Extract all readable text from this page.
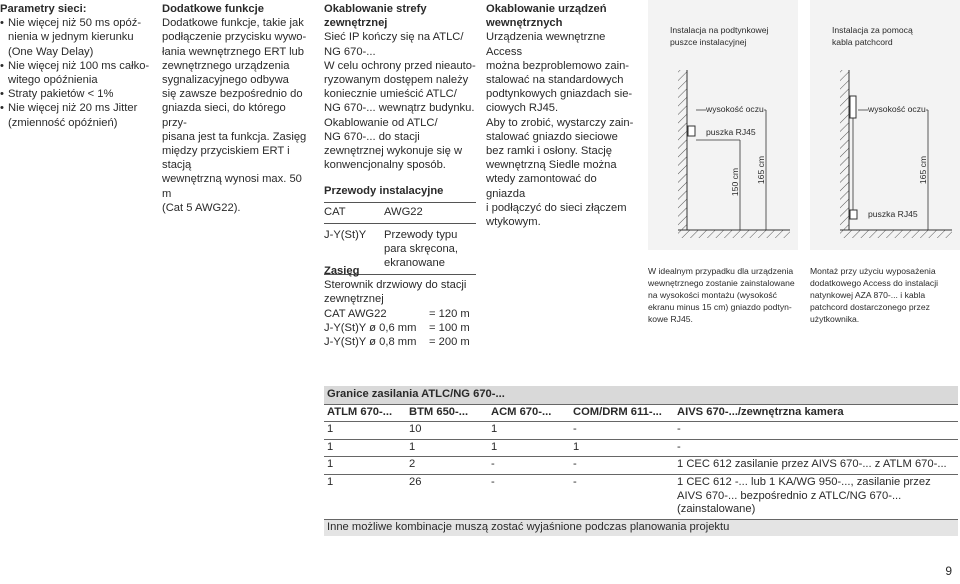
Parametry sieci:

• Nie więcej niż 50 ms opóź-
nienia w jednym kierunku
(One Way Delay)
• Nie więcej niż 100 ms całko-
witego opóźnienia
• Straty pakietów < 1%
• Nie więcej niż 20 ms Jitter
(zmienność opóźnień)

Dodatkowe funkcje

Dodatkowe funkcje, takie jak
podłączenie przycisku wywo-
łania wewnętrznego ERT lub
zewnętrznego urządzenia
sygnalizacyjnego odbywa
się zawsze bezpośrednio do
gniazda sieci, do którego przy-
pisana jest ta funkcja. Zasięg
między przyciskiem ERT i stacją
wewnętrzną wynosi max. 50 m
(Cat 5 AWG22).

Okablowanie strefy
zewnętrznej

Sieć IP kończy się na ATLC/
NG 670-...
W celu ochrony przed nieauto-
ryzowanym dostępem należy
koniecznie umieścić ATLC/
NG 670-... wewnątrz budynku.
Okablowanie od ATLC/
NG 670-... do stacji
zewnętrznej wykonuje się w
konwencjonalny sposób.

Przewody instalacyjne

CAT	AWG22
J-Y(St)Y	Przewody typu para skręcona, ekranowane

Okablowanie urządzeń
wewnętrznych

Urządzenia wewnętrzne Access
można bezproblemowo zain-
stalować na standardowych
podtynkowych gniazdach sie-
ciowych RJ45.
Aby to zrobić, wystarczy zain-
stalować gniazdo sieciowe
bez ramki i osłony. Stację
wewnętrzną Siedle można
wtedy zamontować do gniazda
i podłączyć do sieci złączem
wtykowym.

Zasięg

Sterownik drzwiowy do stacji
zewnętrznej

CAT AWG22	= 120 m
J-Y(St)Y ø 0,6 mm	= 100 m
J-Y(St)Y ø 0,8 mm	= 200 m
Instalacja na podtynkowej
puszce instalacyjnej
wysokość oczu
puszka RJ45
150 cm 165 cm
Instalacja za pomocą
kabla patchcord
wysokość oczu
puszka RJ45
165 cm
W idealnym przypadku dla urządzenia
wewnętrznego zostanie zainstalowane
na wysokości montażu (wysokość
ekranu minus 15 cm) gniazdo podtyn-
kowe RJ45.
Montaż przy użyciu wyposażenia
dodatkowego Access do instalacji
natynkowej AZA 870-... i kabla
patchcord dostarczonego przez
użytkownika.
Granice zasilania ATLC/NG 670-...				
ATLM 670-...	BTM 650-...	ACM 670-...	COM/DRM 611-...	AIVS 670-.../zewnętrzna kamera
1	10	1	-	-
1	1	1	1	-
1	2	-	-	1 CEC 612 zasilanie przez AIVS 670-... z ATLM 670-...
1	26	-	-	1 CEC 612 -... lub 1 KA/WG 950-..., zasilanie przez AIVS 670-... bezpośrednio z ATLC/NG 670-... (zainstalowane)
Inne możliwe kombinacje muszą zostać wyjaśnione podczas planowania projektu				
9
